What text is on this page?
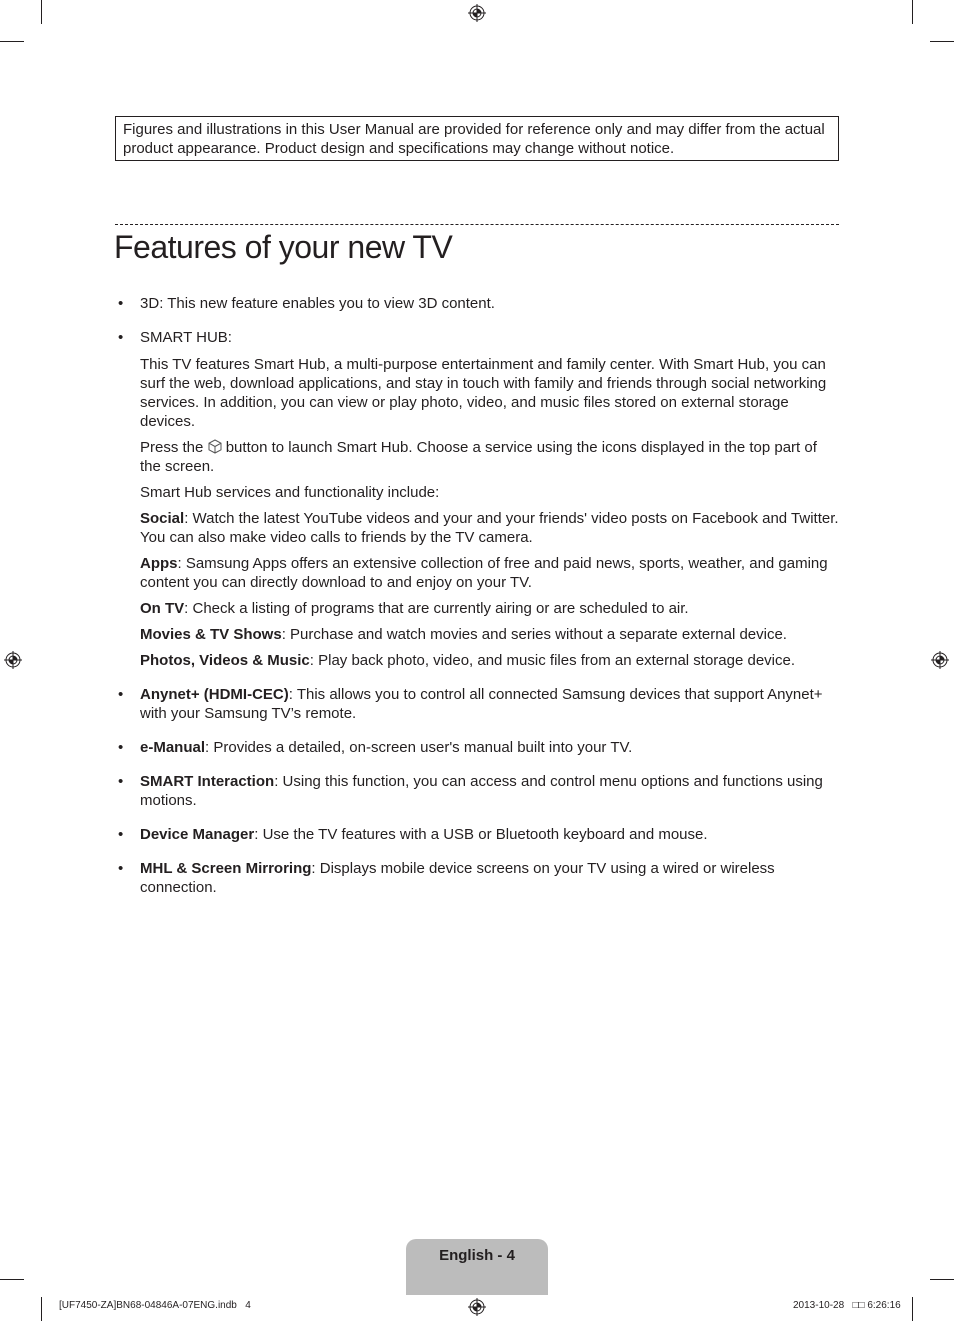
Figures and illustrations in this User Manual are provided for reference only and may differ from the actual product appearance. Product design and specifications may change without notice.
Features of your new TV
• 3D: This new feature enables you to view 3D content.
• SMART HUB:
This TV features Smart Hub, a multi-purpose entertainment and family center. With Smart Hub, you can surf the web, download applications, and stay in touch with family and friends through social networking services. In addition, you can view or play photo, video, and music files stored on external storage devices.
Press the button to launch Smart Hub. Choose a service using the icons displayed in the top part of the screen.
Smart Hub services and functionality include:
Social: Watch the latest YouTube videos and your and your friends' video posts on Facebook and Twitter. You can also make video calls to friends by the TV camera.
Apps: Samsung Apps offers an extensive collection of free and paid news, sports, weather, and gaming content you can directly download to and enjoy on your TV.
On TV: Check a listing of programs that are currently airing or are scheduled to air.
Movies & TV Shows: Purchase and watch movies and series without a separate external device.
Photos, Videos & Music: Play back photo, video, and music files from an external storage device.
• Anynet+ (HDMI-CEC): This allows you to control all connected Samsung devices that support Anynet+ with your Samsung TV’s remote.
• e-Manual: Provides a detailed, on-screen user's manual built into your TV.
• SMART Interaction: Using this function, you can access and control menu options and functions using motions.
• Device Manager: Use the TV features with a USB or Bluetooth keyboard and mouse.
• MHL & Screen Mirroring: Displays mobile device screens on your TV using a wired or wireless connection.
English - 4
[UF7450-ZA]BN68-04846A-07ENG.indb   4	2013-10-28   □□ 6:26:16
